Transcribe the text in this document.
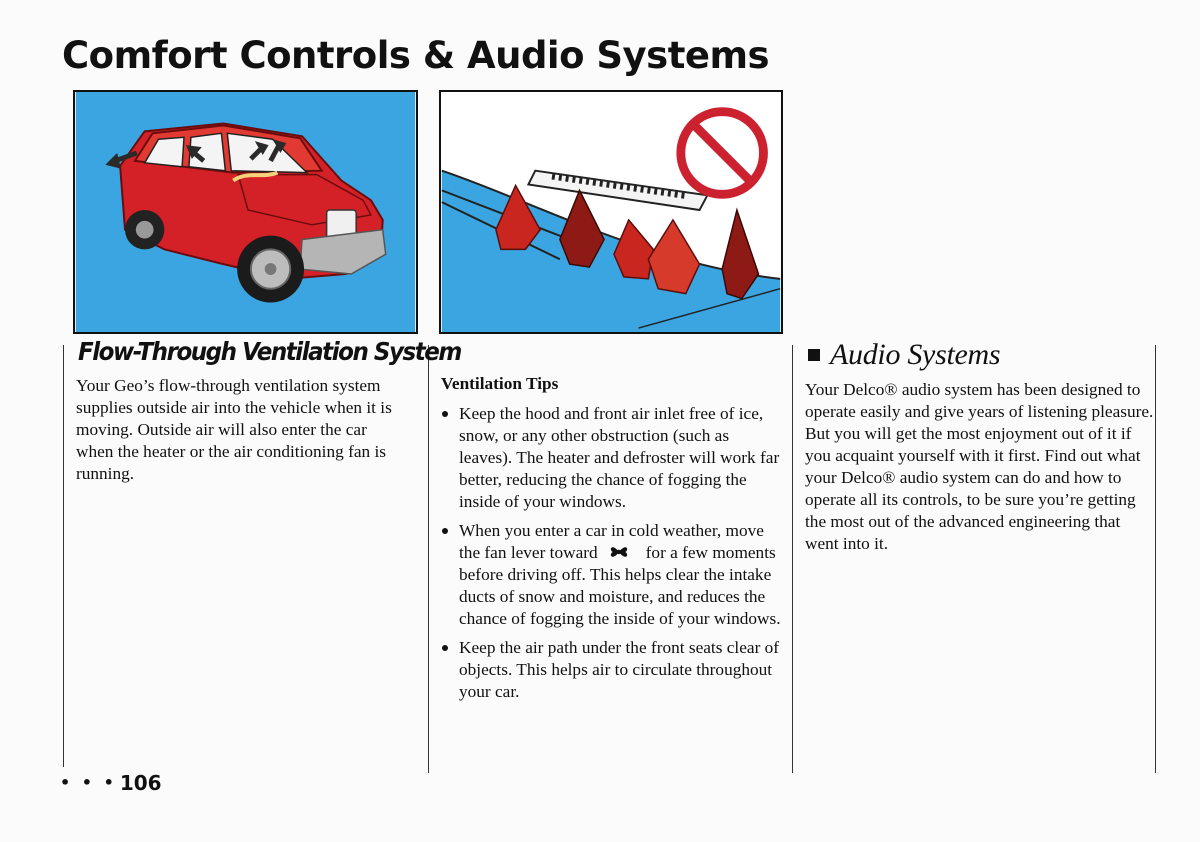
Comfort Controls & Audio Systems
Flow-Through Ventilation System

Your Geo’s flow-through ventilation system supplies outside air into the vehicle when it is moving. Outside air will also enter the car when the heater or the air conditioning fan is running.

Ventilation Tips
Keep the hood and front air inlet free of ice, snow, or any other obstruction (such as leaves). The heater and defroster will work far better, reducing the chance of fogging the inside of your windows.
When you enter a car in cold weather, move the fan lever toward	for a few moments before driving off. This helps clear the intake ducts of snow and moisture, and reduces the chance of fogging the inside of your windows.
Keep the air path under the front seats clear of objects. This helps air to circulate throughout your car.
Audio Systems

Your Delco® audio system has been designed to operate easily and give years of listening pleasure. But you will get the most enjoyment out of it if you acquaint yourself with it first. Find out what your Delco® audio system can do and how to operate all its controls, to be sure you’re getting the most out of the advanced engineering that went into it.

• • • 106
